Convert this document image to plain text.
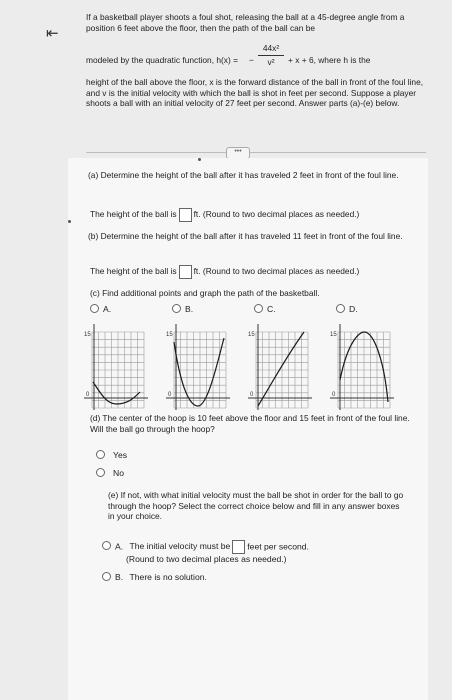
⇤

If a basketball player shoots a foul shot, releasing the ball at a 45-degree angle from a position 6 feet above the floor, then the path of the ball can be

modeled by the quadratic function, h(x) = − $\frac{\text{44x²}}{\text{v²}} + x + 6$, where h is the

height of the ball above the floor, x is the forward distance of the ball in front of the foul line, and v is the initial velocity with which the ball is shot in feet per second. Suppose a player shoots a ball with an initial velocity of 27 feet per second. Answer parts (a)-(e) below.

•••
(a) Determine the height of the ball after it has traveled 2 feet in front of the foul line.
The height of the ball is ft. (Round to two decimal places as needed.)
(b) Determine the height of the ball after it has traveled 11 feet in front of the foul line.
The height of the ball is ft. (Round to two decimal places as needed.)
(c) Find additional points and graph the path of the basketball.
A.	B.	C.	D.
15
0
15
0
15
0
15
0
(d) The center of the hoop is 10 feet above the floor and 15 feet in front of the foul line. Will the ball go through the hoop?
Yes
No
(e) If not, with what initial velocity must the ball be shot in order for the ball to go through the hoop? Select the correct choice below and fill in any answer boxes in your choice.
A. The initial velocity must be feet per second.
(Round to two decimal places as needed.)
B. There is no solution.
